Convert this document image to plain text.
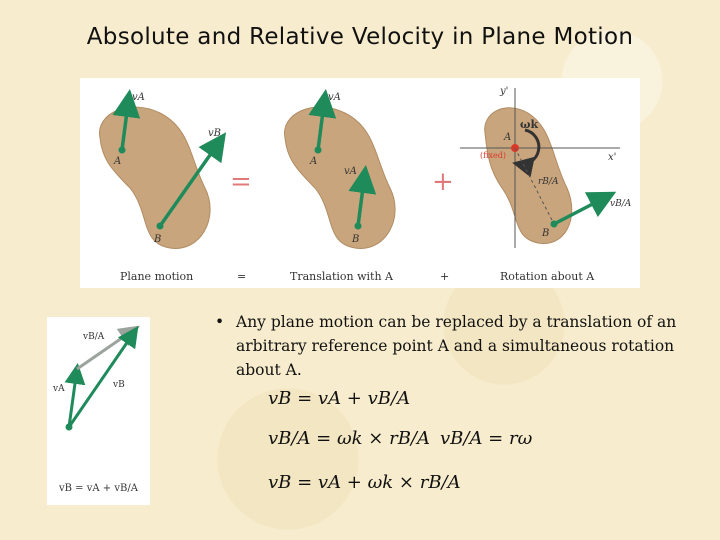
Absolute and Relative Velocity in Plane Motion
vA
vB
A
B
=
vA
vA
A
B
+
y'
x'
(fixed)
A
ωk
rB/A
vB/A
B
Plane motion	=	Translation with A	+	Rotation about A
vB/A
vA	vB
vB = vA + vB/A
• Any plane motion can be replaced by a translation of an arbitrary reference point A and a simultaneous rotation about A.
vB = vA + vB/A
vB/A = ωk × rB/A vB/A = rω
vB = vA + ωk × rB/A
